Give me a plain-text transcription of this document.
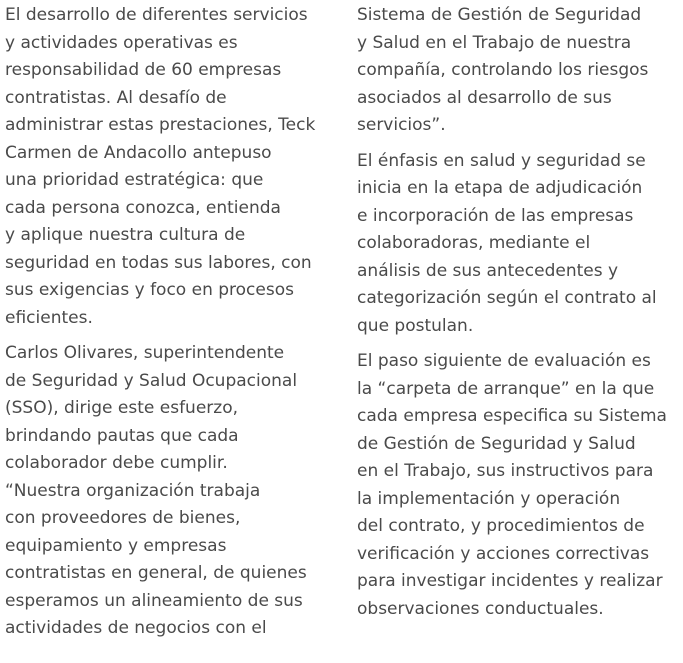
El desarrollo de diferentes servicios
y actividades operativas es
responsabilidad de 60 empresas
contratistas. Al desafío de
administrar estas prestaciones, Teck
Carmen de Andacollo antepuso
una prioridad estratégica: que
cada persona conozca, entienda
y aplique nuestra cultura de
seguridad en todas sus labores, con
sus exigencias y foco en procesos
eficientes.

Carlos Olivares, superintendente
de Seguridad y Salud Ocupacional
(SSO), dirige este esfuerzo,
brindando pautas que cada
colaborador debe cumplir.
“Nuestra organización trabaja
con proveedores de bienes,
equipamiento y empresas
contratistas en general, de quienes
esperamos un alineamiento de sus
actividades de negocios con el

Sistema de Gestión de Seguridad
y Salud en el Trabajo de nuestra
compañía, controlando los riesgos
asociados al desarrollo de sus
servicios”.

El énfasis en salud y seguridad se
inicia en la etapa de adjudicación
e incorporación de las empresas
colaboradoras, mediante el
análisis de sus antecedentes y
categorización según el contrato al
que postulan.

El paso siguiente de evaluación es
la “carpeta de arranque” en la que
cada empresa especifica su Sistema
de Gestión de Seguridad y Salud
en el Trabajo, sus instructivos para
la implementación y operación
del contrato, y procedimientos de
verificación y acciones correctivas
para investigar incidentes y realizar
observaciones conductuales.
